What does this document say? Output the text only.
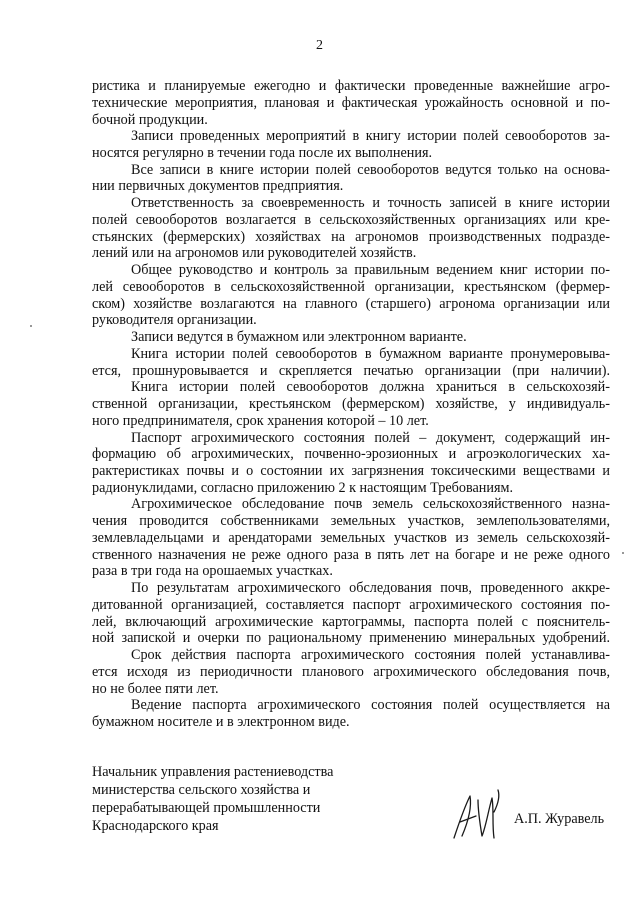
2
ристика и планируемые ежегодно и фактически проведенные важнейшие агро-
технические мероприятия, плановая и фактическая урожайность основной и по-
бочной продукции.
Записи проведенных мероприятий в книгу истории полей севооборотов за-
носятся регулярно в течении года после их выполнения.
Все записи в книге истории полей севооборотов ведутся только на основа-
нии первичных документов предприятия.
Ответственность за своевременность и точность записей в книге истории
полей севооборотов возлагается в сельскохозяйственных организациях или кре-
стьянских (фермерских) хозяйствах на агрономов производственных подразде-
лений или на агрономов или руководителей хозяйств.
Общее руководство и контроль за правильным ведением книг истории по-
лей севооборотов в сельскохозяйственной организации, крестьянском (фермер-
ском) хозяйстве возлагаются на главного (старшего) агронома организации или
руководителя организации.
Записи ведутся в бумажном или электронном варианте.
Книга истории полей севооборотов в бумажном варианте пронумеровыва-
ется, прошнуровывается и скрепляется печатью организации (при наличии).
Книга истории полей севооборотов должна храниться в сельскохозяй-
ственной организации, крестьянском (фермерском) хозяйстве, у индивидуаль-
ного предпринимателя, срок хранения которой – 10 лет.
Паспорт агрохимического состояния полей – документ, содержащий ин-
формацию об агрохимических, почвенно-эрозионных и агроэкологических ха-
рактеристиках почвы и о состоянии их загрязнения токсическими веществами и
радионуклидами, согласно приложению 2 к настоящим Требованиям.
Агрохимическое обследование почв земель сельскохозяйственного назна-
чения проводится собственниками земельных участков, землепользователями,
землевладельцами и арендаторами земельных участков из земель сельскохозяй-
ственного назначения не реже одного раза в пять лет на богаре и не реже одного
раза в три года на орошаемых участках.
По результатам агрохимического обследования почв, проведенного аккре-
дитованной организацией, составляется паспорт агрохимического состояния по-
лей, включающий агрохимические картограммы, паспорта полей с пояснитель-
ной запиской и очерки по рациональному применению минеральных удобрений.
Срок действия паспорта агрохимического состояния полей устанавлива-
ется исходя из периодичности планового агрохимического обследования почв,
но не более пяти лет.
Ведение паспорта агрохимического состояния полей осуществляется на
бумажном носителе и в электронном виде.
Начальник управления растениеводства
министерства сельского хозяйства и
перерабатывающей промышленности
Краснодарского края	А.П. Журавель
